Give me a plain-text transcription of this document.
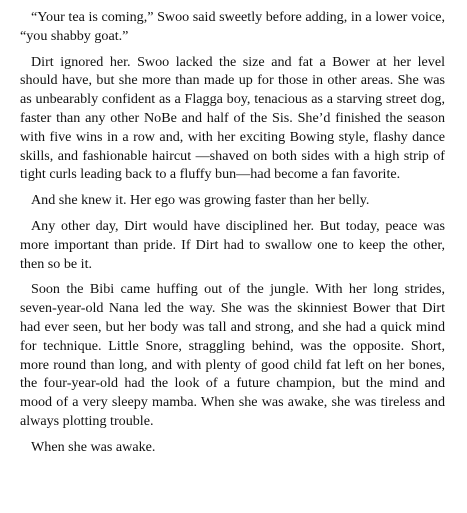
“Your tea is coming,” Swoo said sweetly before adding, in a lower voice, “you shabby goat.”

Dirt ignored her. Swoo lacked the size and fat a Bower at her level should have, but she more than made up for those in other areas. She was as unbearably confident as a Flagga boy, tenacious as a starving street dog, faster than any other NoBe and half of the Sis. She’d finished the season with five wins in a row and, with her exciting Bowing style, flashy dance skills, and fashionable haircut —shaved on both sides with a high strip of tight curls leading back to a fluffy bun—had become a fan favorite.

And she knew it. Her ego was growing faster than her belly.

Any other day, Dirt would have disciplined her. But today, peace was more important than pride. If Dirt had to swallow one to keep the other, then so be it.

Soon the Bibi came huffing out of the jungle. With her long strides, seven-year-old Nana led the way. She was the skinniest Bower that Dirt had ever seen, but her body was tall and strong, and she had a quick mind for technique. Little Snore, straggling behind, was the opposite. Short, more round than long, and with plenty of good child fat left on her bones, the four-year-old had the look of a future champion, but the mind and mood of a very sleepy mamba. When she was awake, she was tireless and always plotting trouble.

When she was awake.
